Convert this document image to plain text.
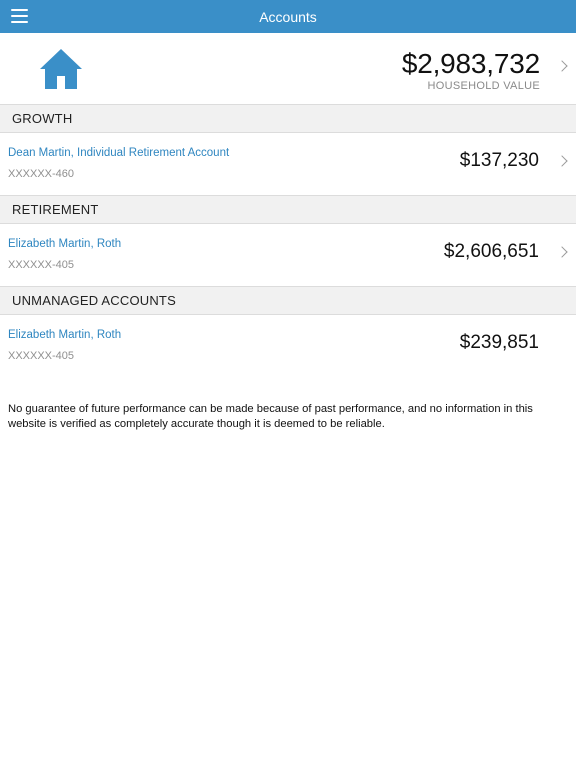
Accounts
$2,983,732
HOUSEHOLD VALUE
GROWTH
Dean Martin, Individual Retirement Account
XXXXXX-460
$137,230
RETIREMENT
Elizabeth Martin, Roth
XXXXXX-405
$2,606,651
UNMANAGED ACCOUNTS
Elizabeth Martin, Roth
XXXXXX-405
$239,851
No guarantee of future performance can be made because of past performance, and no information in this website is verified as completely accurate though it is deemed to be reliable.
